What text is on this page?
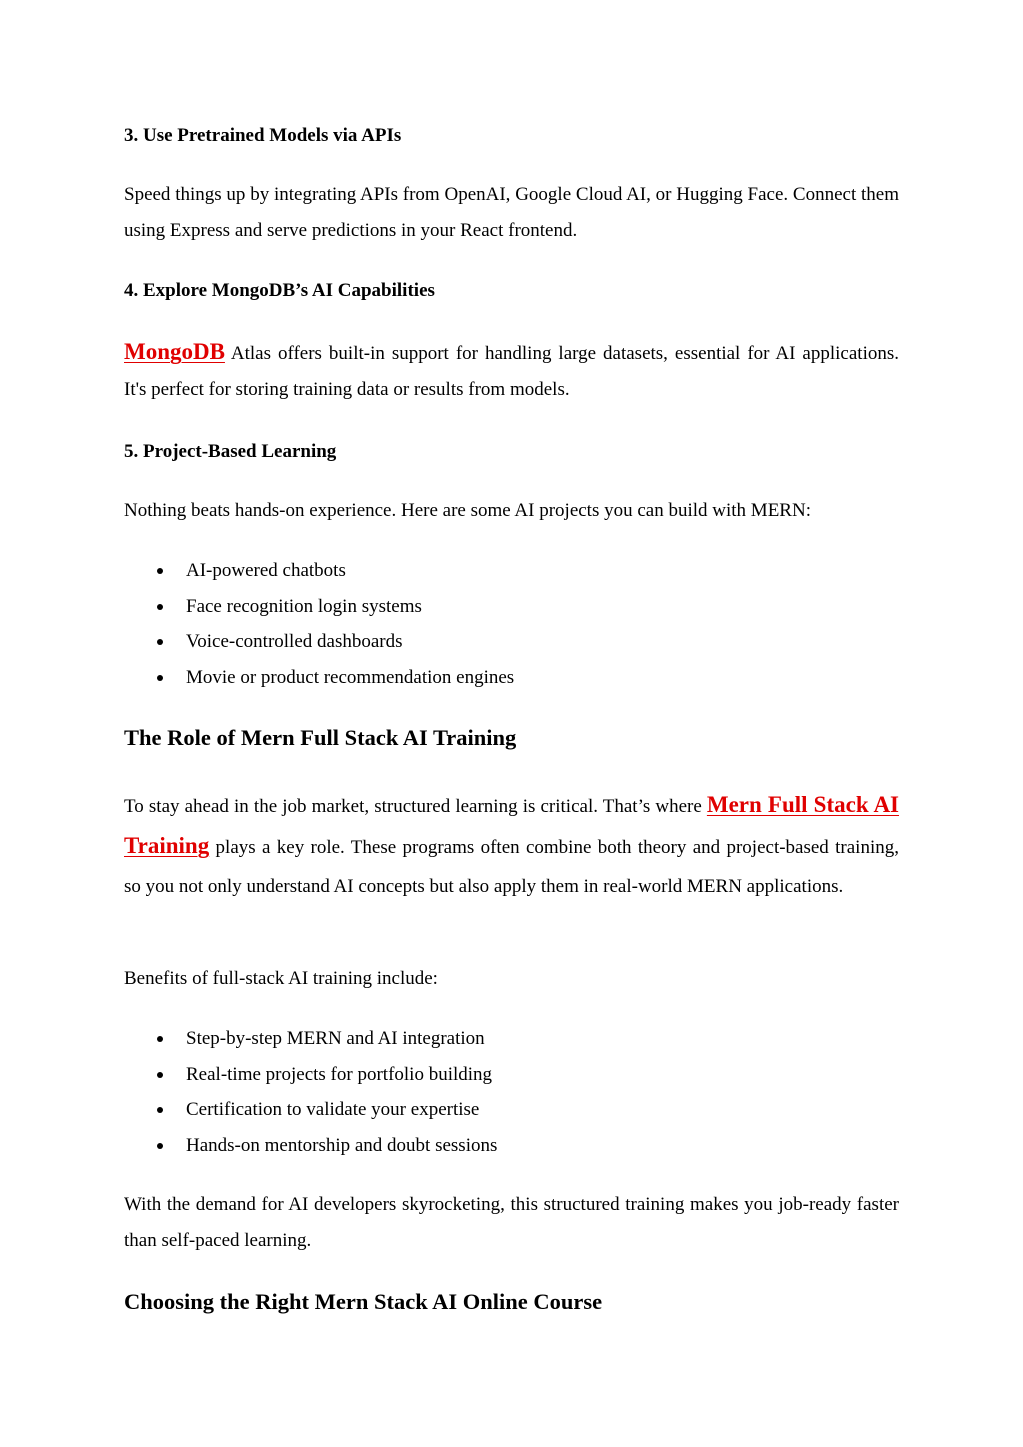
3. Use Pretrained Models via APIs
Speed things up by integrating APIs from OpenAI, Google Cloud AI, or Hugging Face. Connect them using Express and serve predictions in your React frontend.
4. Explore MongoDB’s AI Capabilities
MongoDB Atlas offers built-in support for handling large datasets, essential for AI applications. It's perfect for storing training data or results from models.
5. Project-Based Learning
Nothing beats hands-on experience. Here are some AI projects you can build with MERN:
AI-powered chatbots
Face recognition login systems
Voice-controlled dashboards
Movie or product recommendation engines
The Role of Mern Full Stack AI Training
To stay ahead in the job market, structured learning is critical. That’s where Mern Full Stack AI Training plays a key role. These programs often combine both theory and project-based training, so you not only understand AI concepts but also apply them in real-world MERN applications.
Benefits of full-stack AI training include:
Step-by-step MERN and AI integration
Real-time projects for portfolio building
Certification to validate your expertise
Hands-on mentorship and doubt sessions
With the demand for AI developers skyrocketing, this structured training makes you job-ready faster than self-paced learning.
Choosing the Right Mern Stack AI Online Course
